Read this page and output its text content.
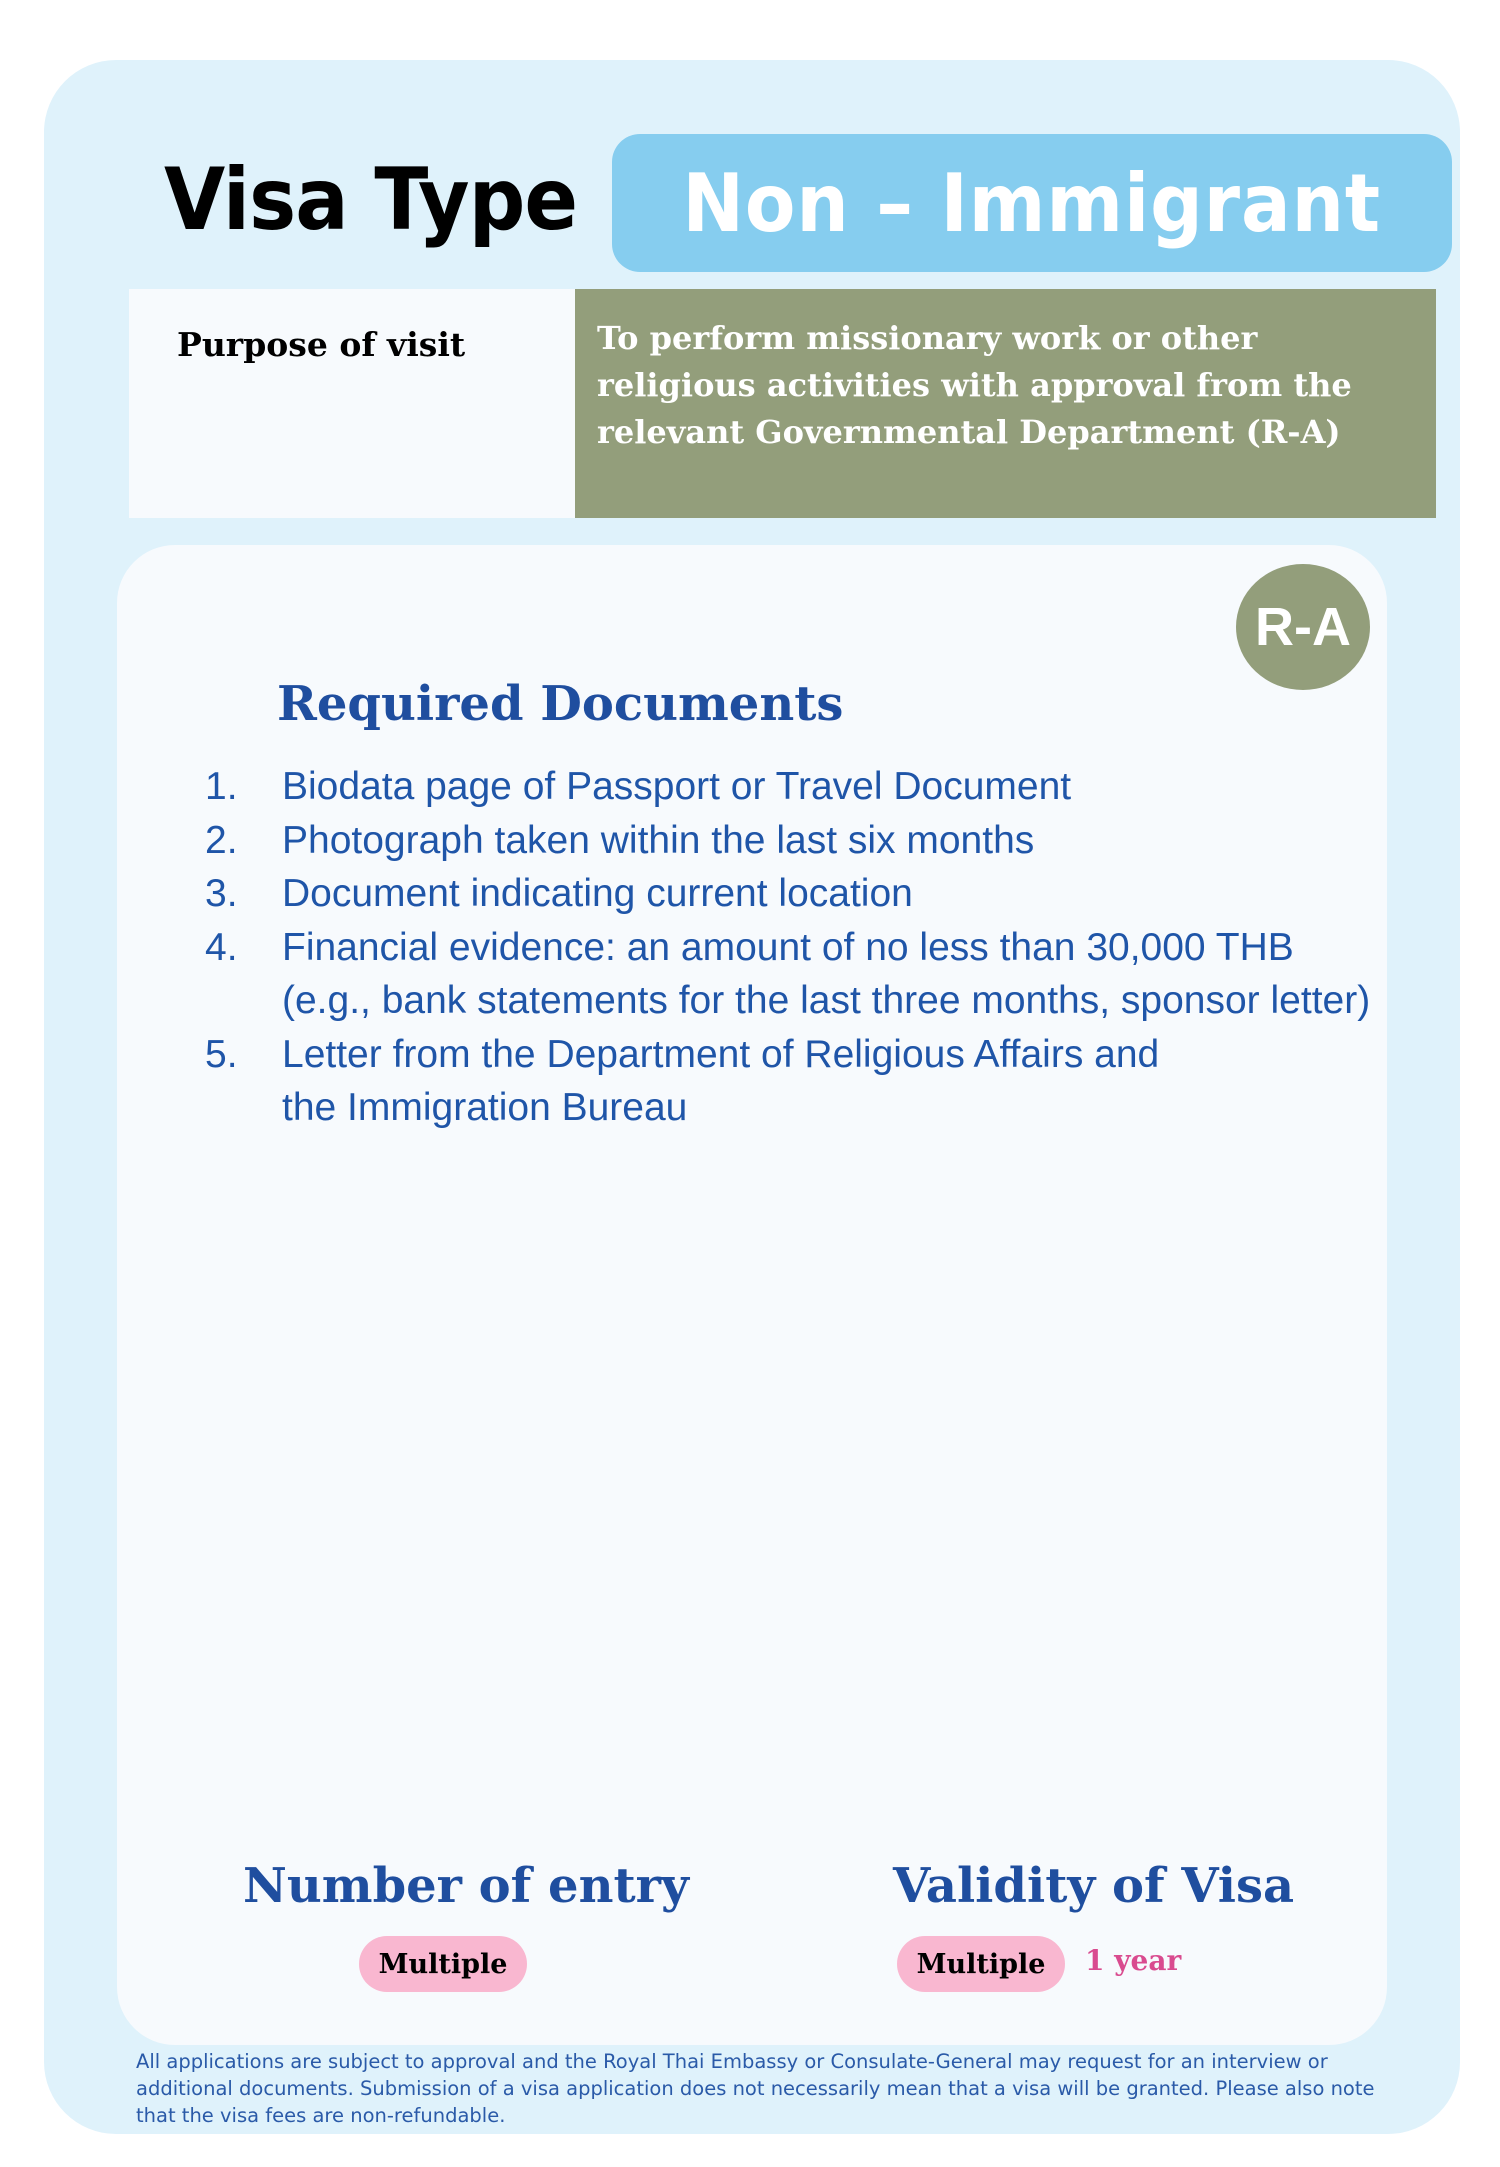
Visa Type Non – Immigrant
Purpose of visit	To perform missionary work or other religious activities with approval from the relevant Governmental Department (R-A)
R-A
Required Documents
1.	Biodata page of Passport or Travel Document
2.	Photograph taken within the last six months
3.	Document indicating current location
4.	Financial evidence: an amount of no less than 30,000 THB
(e.g., bank statements for the last three months, sponsor letter)
5.	Letter from the Department of Religious Affairs and
the Immigration Bureau
Number of entry
Multiple
Validity of Visa
Multiple	1 year
All applications are subject to approval and the Royal Thai Embassy or Consulate-General may request for an interview or additional documents. Submission of a visa application does not necessarily mean that a visa will be granted. Please also note that the visa fees are non-refundable.
